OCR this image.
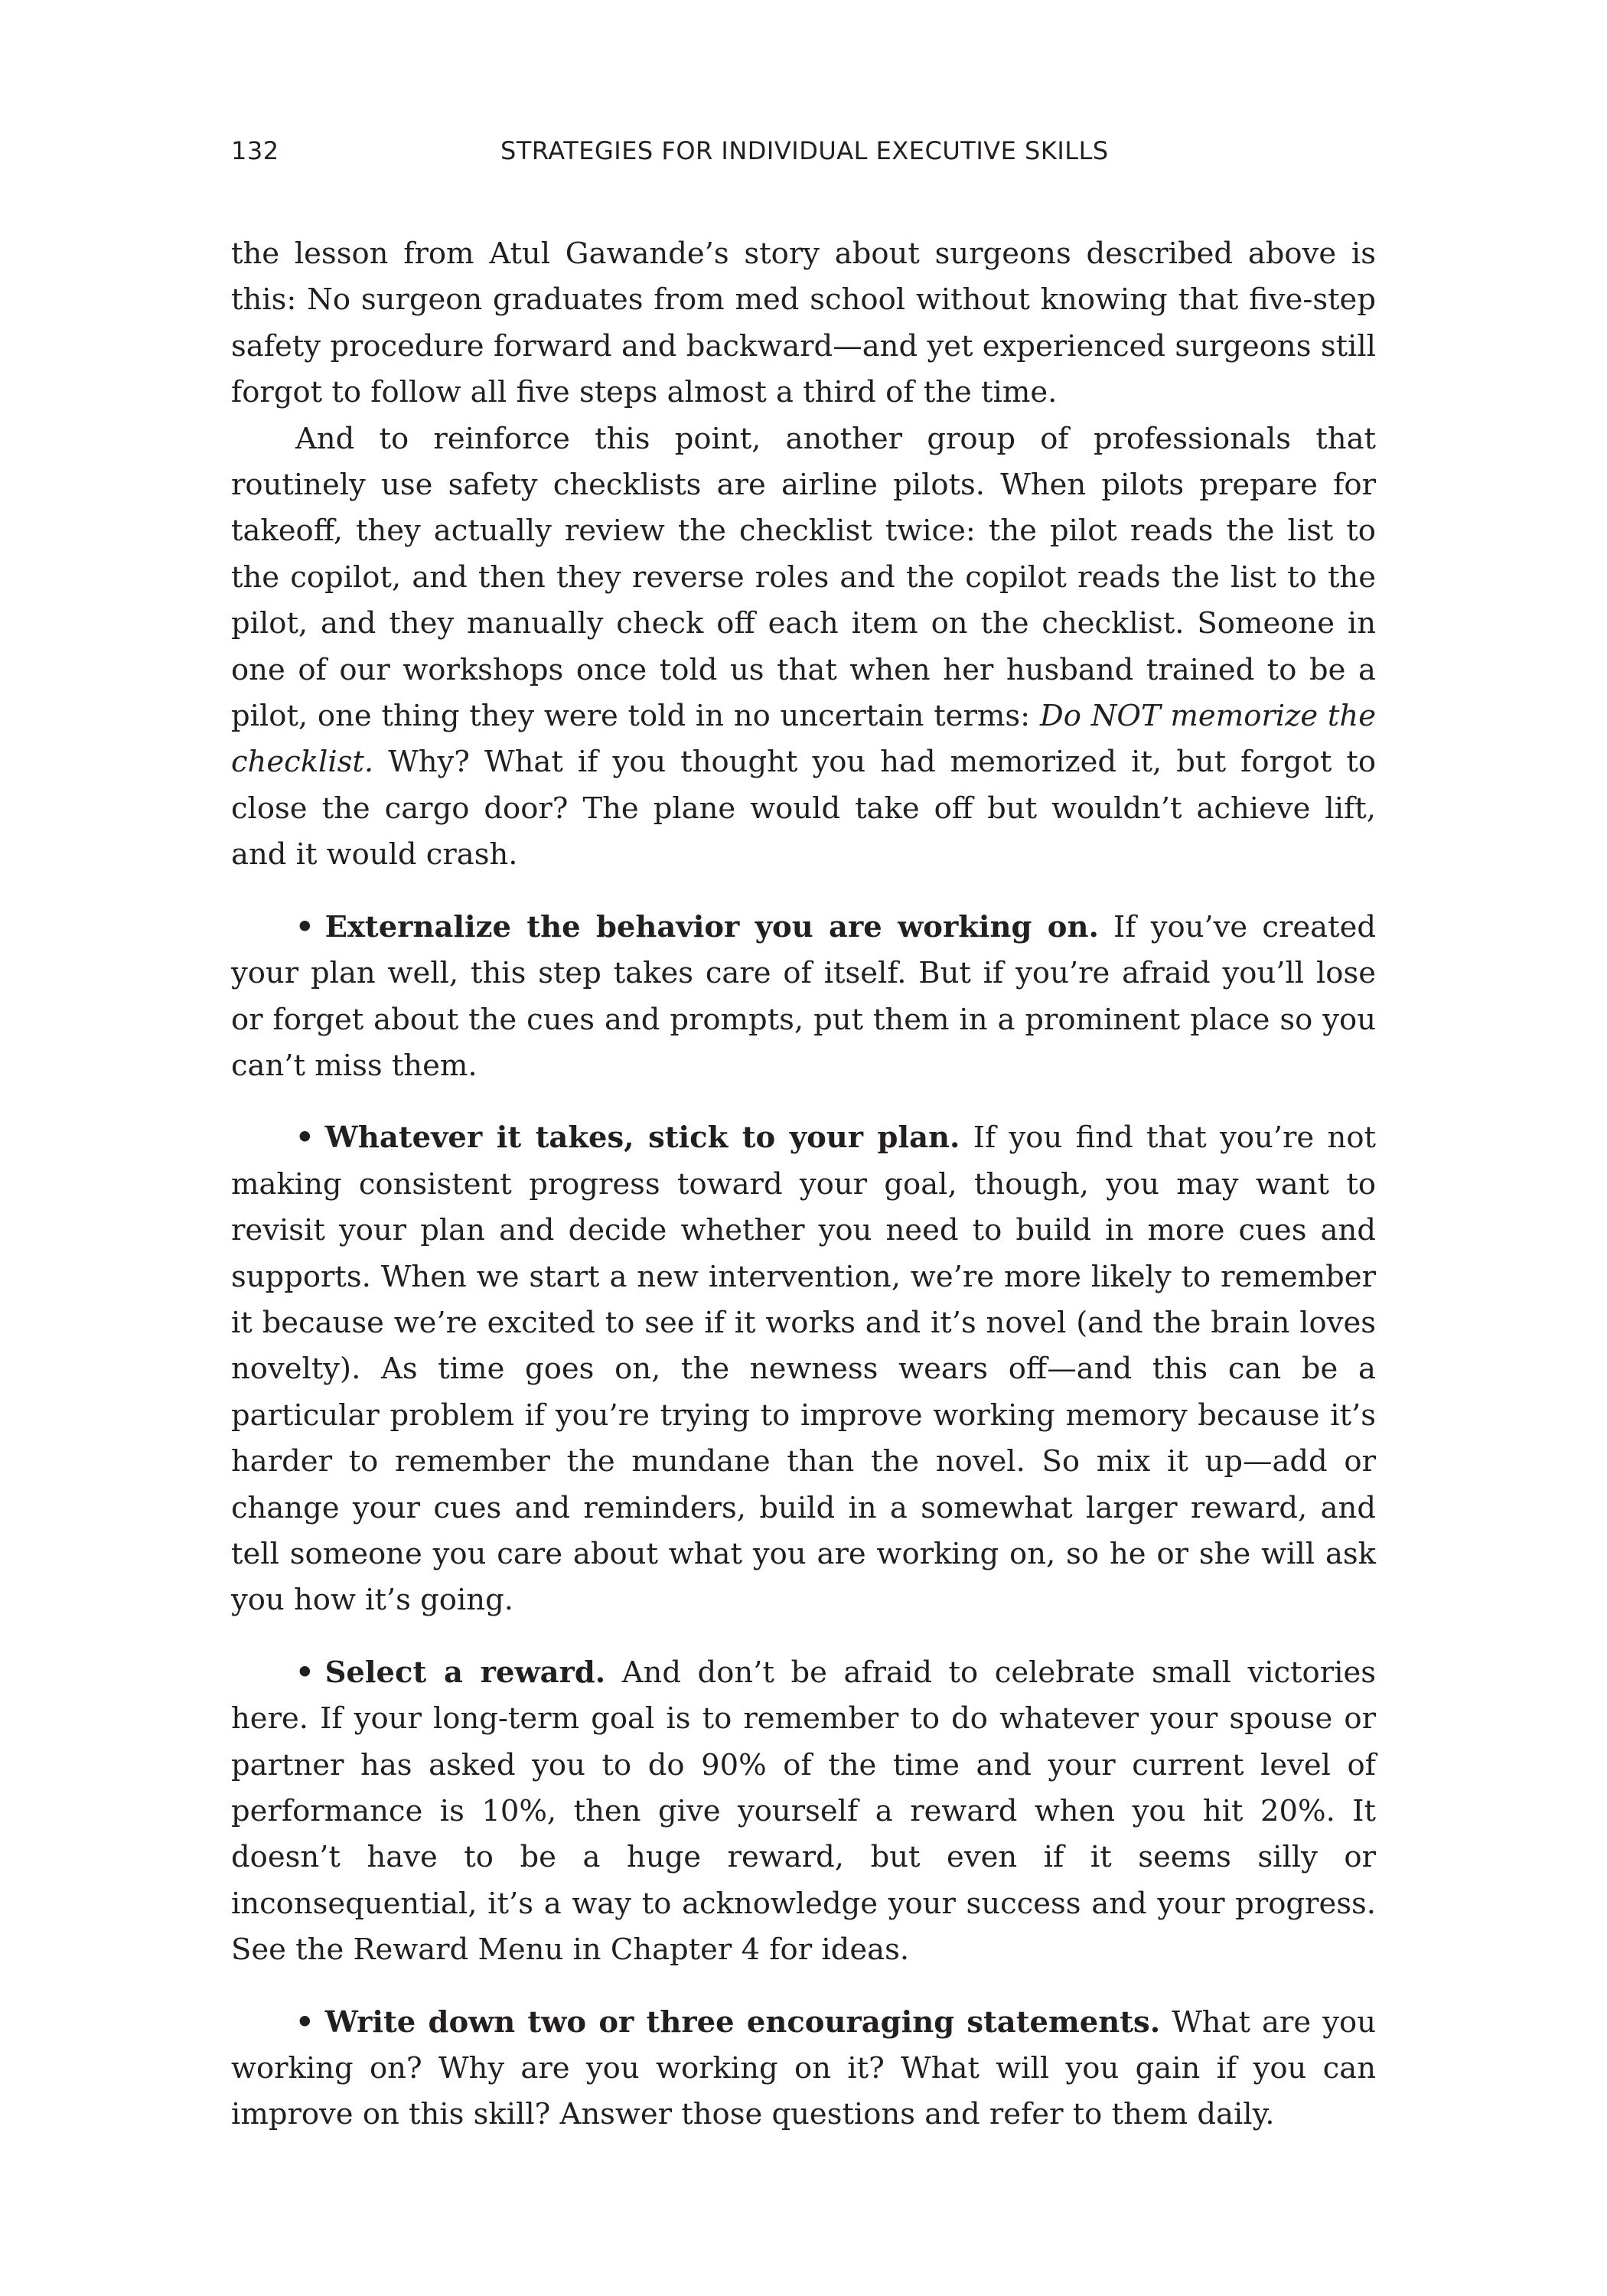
132	STRATEGIES FOR INDIVIDUAL EXECUTIVE SKILLS

the lesson from Atul Gawande’s story about surgeons described above is this: No surgeon graduates from med school without knowing that five-step safety procedure forward and backward—and yet experienced surgeons still forgot to follow all five steps almost a third of the time.

And to reinforce this point, another group of professionals that routinely use safety checklists are airline pilots. When pilots prepare for takeoff, they actually review the checklist twice: the pilot reads the list to the copilot, and then they reverse roles and the copilot reads the list to the pilot, and they manually check off each item on the checklist. Someone in one of our workshops once told us that when her husband trained to be a pilot, one thing they were told in no uncertain terms: Do NOT memorize the checklist. Why? What if you thought you had memorized it, but forgot to close the cargo door? The plane would take off but wouldn’t achieve lift, and it would crash.

• Externalize the behavior you are working on. If you’ve created your plan well, this step takes care of itself. But if you’re afraid you’ll lose or forget about the cues and prompts, put them in a prominent place so you can’t miss them.

• Whatever it takes, stick to your plan. If you find that you’re not making consistent progress toward your goal, though, you may want to revisit your plan and decide whether you need to build in more cues and supports. When we start a new intervention, we’re more likely to remember it because we’re excited to see if it works and it’s novel (and the brain loves novelty). As time goes on, the newness wears off—and this can be a particular problem if you’re trying to improve working memory because it’s harder to remember the mundane than the novel. So mix it up—add or change your cues and reminders, build in a somewhat larger reward, and tell someone you care about what you are working on, so he or she will ask you how it’s going.

• Select a reward. And don’t be afraid to celebrate small victories here. If your long-term goal is to remember to do whatever your spouse or partner has asked you to do 90% of the time and your current level of performance is 10%, then give yourself a reward when you hit 20%. It doesn’t have to be a huge reward, but even if it seems silly or inconsequential, it’s a way to acknowledge your success and your progress. See the Reward Menu in Chapter 4 for ideas.

• Write down two or three encouraging statements. What are you working on? Why are you working on it? What will you gain if you can improve on this skill? Answer those questions and refer to them daily.
